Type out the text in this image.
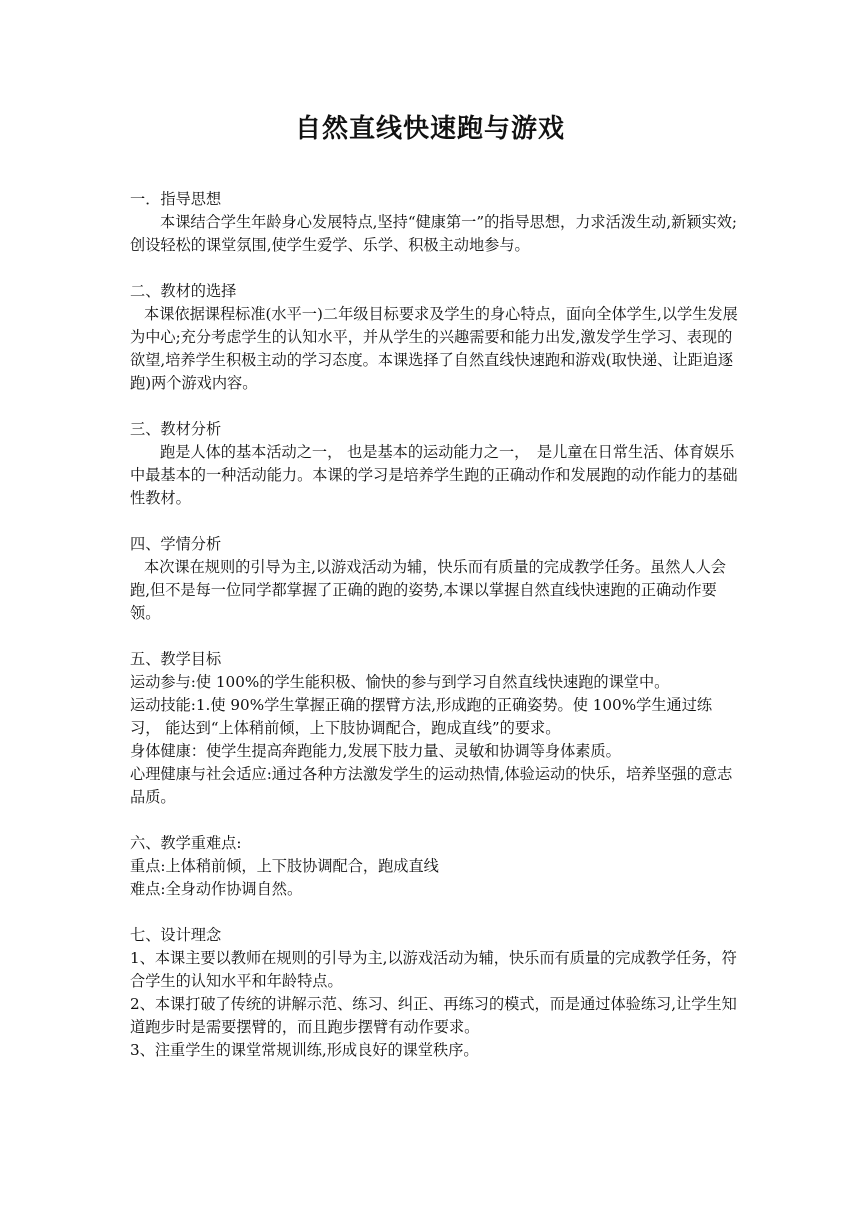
自然直线快速跑与游戏

一．指导思想

本课结合学生年龄身心发展特点,坚持“健康第一”的指导思想，力求活泼生动,新颖实效;创设轻松的课堂氛围,使学生爱学、乐学、积极主动地参与。

二、教材的选择

本课依据课程标准(水平一)二年级目标要求及学生的身心特点，面向全体学生,以学生发展为中心;充分考虑学生的认知水平，并从学生的兴趣需要和能力出发,激发学生学习、表现的欲望,培养学生积极主动的学习态度。本课选择了自然直线快速跑和游戏(取快递、让距追逐跑)两个游戏内容。

三、教材分析

跑是人体的基本活动之一， 也是基本的运动能力之一，　是儿童在日常生活、体育娱乐中最基本的一种活动能力。本课的学习是培养学生跑的正确动作和发展跑的动作能力的基础性教材。

四、学情分析

本次课在规则的引导为主,以游戏活动为辅，快乐而有质量的完成教学任务。虽然人人会跑,但不是每一位同学都掌握了正确的跑的姿势,本课以掌握自然直线快速跑的正确动作要领。

五、教学目标

运动参与:使 100%的学生能积极、愉快的参与到学习自然直线快速跑的课堂中。

运动技能:1.使 90%学生掌握正确的摆臂方法,形成跑的正确姿势。使 100%学生通过练习， 能达到“上体稍前倾，上下肢协调配合，跑成直线”的要求。

身体健康：使学生提高奔跑能力,发展下肢力量、灵敏和协调等身体素质。

心理健康与社会适应:通过各种方法激发学生的运动热情,体验运动的快乐，培养坚强的意志品质。

六、教学重难点:

重点:上体稍前倾，上下肢协调配合，跑成直线

难点:全身动作协调自然。

七、设计理念

1、本课主要以教师在规则的引导为主,以游戏活动为辅，快乐而有质量的完成教学任务，符合学生的认知水平和年龄特点。

2、本课打破了传统的讲解示范、练习、纠正、再练习的模式，而是通过体验练习,让学生知道跑步时是需要摆臂的，而且跑步摆臂有动作要求。

3、注重学生的课堂常规训练,形成良好的课堂秩序。
